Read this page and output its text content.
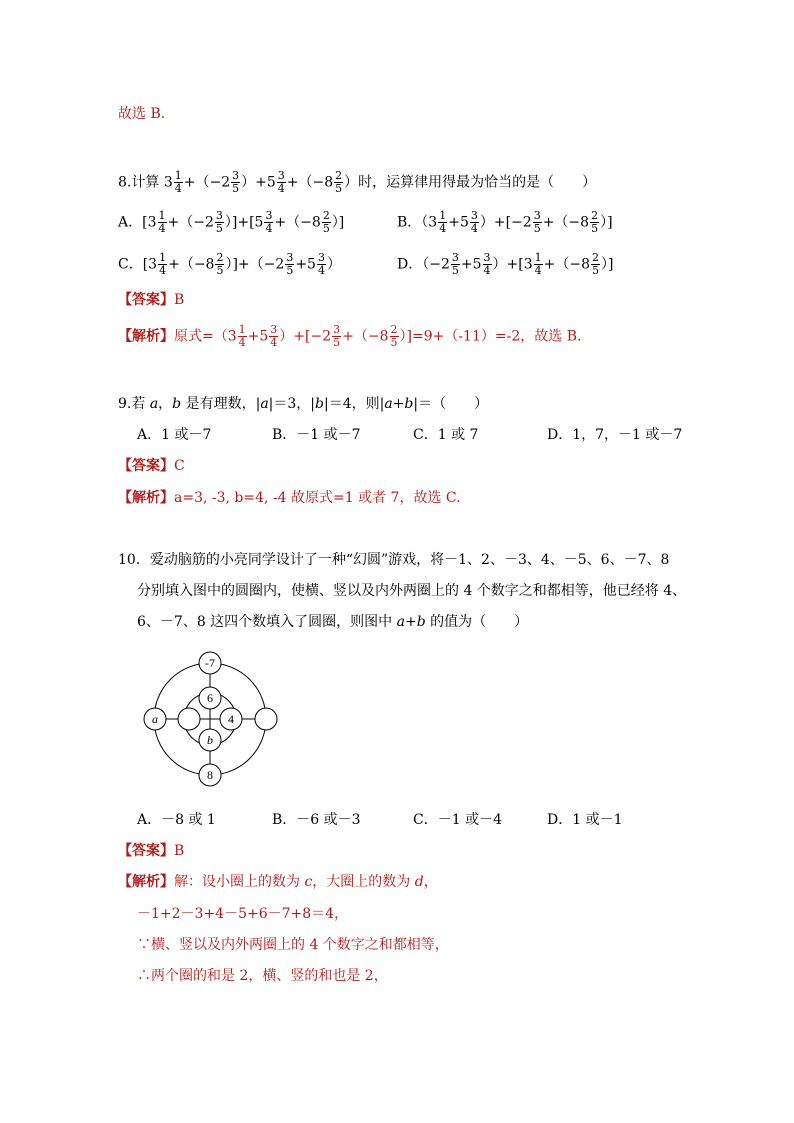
故选 B．
8.计算 $3 \frac{1}{4} +(-2 \frac{3}{5} )+5 \frac{3}{4} +(-8 \frac{2}{5}$ ）时，运算律用得最为恰当的是（　　）
A．$[3 \frac{1}{4} +(-2 \frac{3}{5} )]+[5 \frac{3}{4} +(-8 \frac{2}{5}$ ）]	B．$(3 \frac{1}{4} +5 \frac{3}{4} )+[-2 \frac{3}{5} +(-8 \frac{2}{5}$ ）]
C．$[3 \frac{1}{4} +(-8 \frac{2}{5} )]+(-2 \frac{3}{5} +5 \frac{3}{4}$ ）	D．$(-2 \frac{3}{5} +5 \frac{3}{4} )+[3 \frac{1}{4} +(-8 \frac{2}{5}$ ）]
【答案】B
【解析】原式$=(3 \frac{1}{4} +5 \frac{3}{4} )+[-2 \frac{3}{5} +(-8 \frac{2}{5} )]=9+(-11)=-2$，故选 B.
9.若 a，b 是有理数，|a|＝3，|b|＝4，则|a+b|＝（　　）
A．1 或－7	B．－1 或－7	C．1 或 7	D．1，7，－1 或－7
【答案】C
【解析】a=3, -3, b=4, -4 故原式=1 或者 7，故选 C.
10．爱动脑筋的小亮同学设计了一种“幻圆”游戏，将－1、2、－3、4、－5、6、－7、8
分别填入图中的圆圈内，使横、竖以及内外两圈上的 4 个数字之和都相等，他已经将 4、
6、－7、8 这四个数填入了圆圈，则图中 a+b 的值为（　　）
-7
6
b
8
a	4
A．－8 或 1	B．－6 或－3	C．－1 或－4	D．1 或－1
【答案】B
【解析】解：设小圈上的数为 c，大圈上的数为 d，
－1+2－3+4－5+6－7+8＝4，
∵横、竖以及内外两圈上的 4 个数字之和都相等，
∴两个圈的和是 2，横、竖的和也是 2，
